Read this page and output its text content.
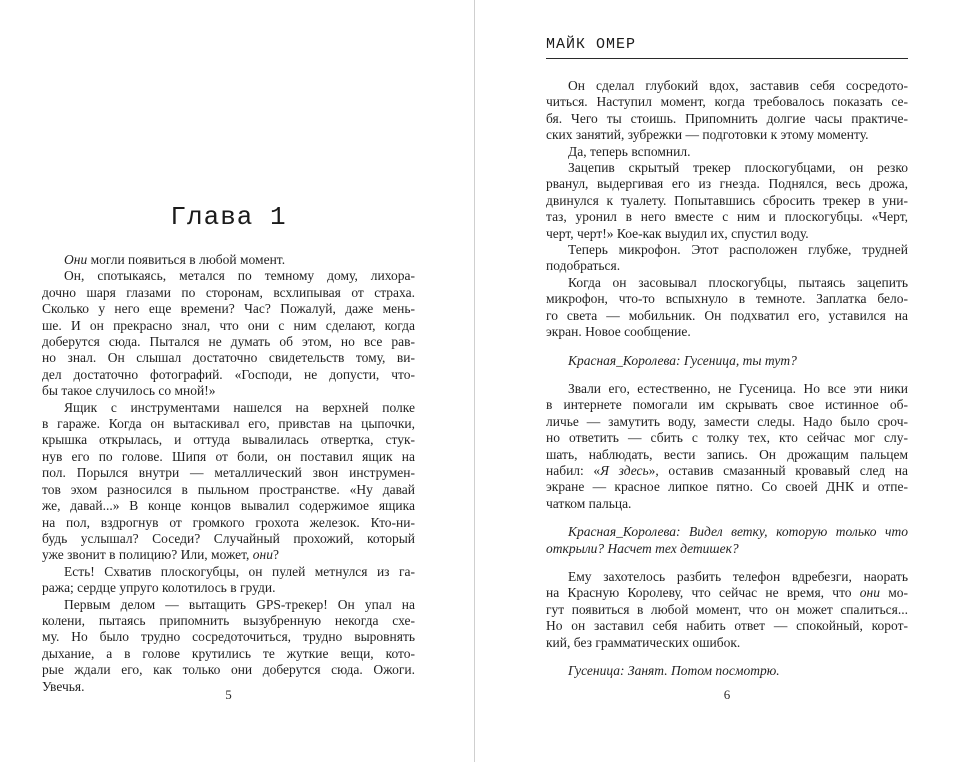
Глава 1
Они могли появиться в любой момент.
Он, спотыкаясь, метался по темному дому, лихора-
дочно шаря глазами по сторонам, всхлипывая от страха.
Сколько у него еще времени? Час? Пожалуй, даже мень-
ше. И он прекрасно знал, что они с ним сделают, когда
доберутся сюда. Пытался не думать об этом, но все рав-
но знал. Он слышал достаточно свидетельств тому, ви-
дел достаточно фотографий. «Господи, не допусти, что-
бы такое случилось со мной!»
Ящик с инструментами нашелся на верхней полке
в гараже. Когда он вытаскивал его, привстав на цыпочки,
крышка открылась, и оттуда вывалилась отвертка, стук-
нув его по голове. Шипя от боли, он поставил ящик на
пол. Порылся внутри — металлический звон инструмен-
тов эхом разносился в пыльном пространстве. «Ну давай
же, давай...» В конце концов вывалил содержимое ящика
на пол, вздрогнув от громкого грохота железок. Кто-ни-
будь услышал? Соседи? Случайный прохожий, который
уже звонит в полицию? Или, может, они?
Есть! Схватив плоскогубцы, он пулей метнулся из га-
ража; сердце упруго колотилось в груди.
Первым делом — вытащить GPS-трекер! Он упал на
колени, пытаясь припомнить вызубренную некогда схе-
му. Но было трудно сосредоточиться, трудно выровнять
дыхание, а в голове крутились те жуткие вещи, кото-
рые ждали его, как только они доберутся сюда. Ожоги.
Увечья.
5
МАЙК ОМЕР
Он сделал глубокий вдох, заставив себя сосредото-
читься. Наступил момент, когда требовалось показать се-
бя. Чего ты стоишь. Припомнить долгие часы практиче-
ских занятий, зубрежки — подготовки к этому моменту.
Да, теперь вспомнил.
Зацепив скрытый трекер плоскогубцами, он резко
рванул, выдергивая его из гнезда. Поднялся, весь дрожа,
двинулся к туалету. Попытавшись сбросить трекер в уни-
таз, уронил в него вместе с ним и плоскогубцы. «Черт,
черт, черт!» Кое-как выудил их, спустил воду.
Теперь микрофон. Этот расположен глубже, трудней
подобраться.
Когда он засовывал плоскогубцы, пытаясь зацепить
микрофон, что-то вспыхнуло в темноте. Заплатка бело-
го света — мобильник. Он подхватил его, уставился на
экран. Новое сообщение.
Красная_Королева: Гусеница, ты тут?
Звали его, естественно, не Гусеница. Но все эти ники
в интернете помогали им скрывать свое истинное об-
личье — замутить воду, замести следы. Надо было сроч-
но ответить — сбить с толку тех, кто сейчас мог слу-
шать, наблюдать, вести запись. Он дрожащим пальцем
набил: «Я здесь», оставив смазанный кровавый след на
экране — красное липкое пятно. Со своей ДНК и отпе-
чатком пальца.
Красная_Королева: Видел ветку, которую только что
открыли? Насчет тех детишек?
Ему захотелось разбить телефон вдребезги, наорать
на Красную Королеву, что сейчас не время, что они мо-
гут появиться в любой момент, что он может спалиться...
Но он заставил себя набить ответ — спокойный, корот-
кий, без грамматических ошибок.
Гусеница: Занят. Потом посмотрю.
6
